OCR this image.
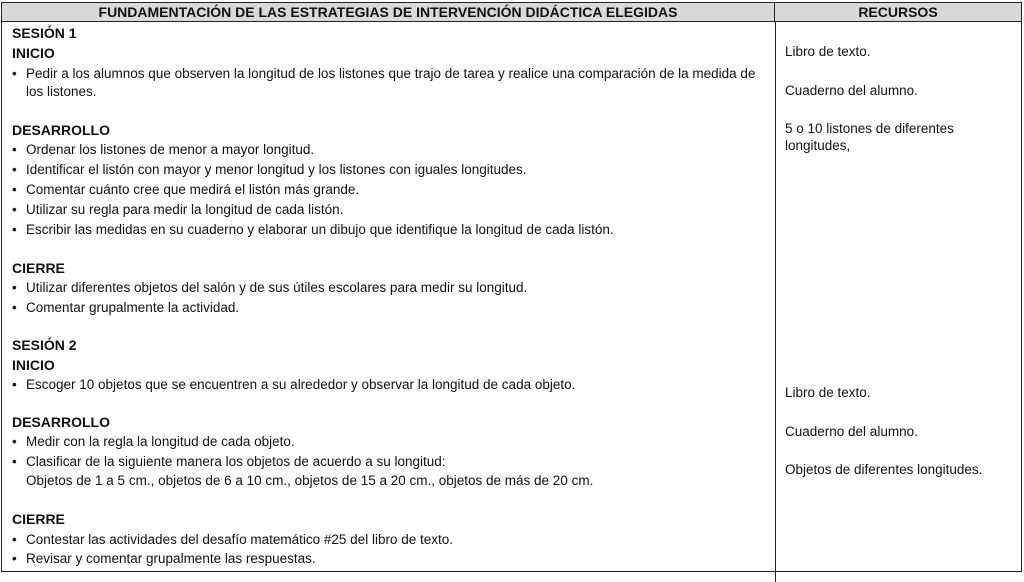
FUNDAMENTACIÓN DE LAS ESTRATEGIAS DE INTERVENCIÓN DIDÁCTICA ELEGIDAS	RECURSOS
SESIÓN 1
INICIO
• Pedir a los alumnos que observen la longitud de los listones que trajo de tarea y realice una comparación de la medida de
los listones.
DESARROLLO
• Ordenar los listones de menor a mayor longitud.
• Identificar el listón con mayor y menor longitud y los listones con iguales longitudes.
• Comentar cuánto cree que medirá el listón más grande.
• Utilizar su regla para medir la longitud de cada listón.
• Escribir las medidas en su cuaderno y elaborar un dibujo que identifique la longitud de cada listón.
CIERRE
• Utilizar diferentes objetos del salón y de sus útiles escolares para medir su longitud.
• Comentar grupalmente la actividad.
SESIÓN 2
INICIO
• Escoger 10 objetos que se encuentren a su alrededor y observar la longitud de cada objeto.
DESARROLLO
• Medir con la regla la longitud de cada objeto.
• Clasificar de la siguiente manera los objetos de acuerdo a su longitud:
Objetos de 1 a 5 cm., objetos de 6 a 10 cm., objetos de 15 a 20 cm., objetos de más de 20 cm.
CIERRE
• Contestar las actividades del desafío matemático #25 del libro de texto.
• Revisar y comentar grupalmente las respuestas.
Libro de texto.
Cuaderno del alumno.
5 o 10 listones de diferentes
longitudes,
Libro de texto.
Cuaderno del alumno.
Objetos de diferentes longitudes.
